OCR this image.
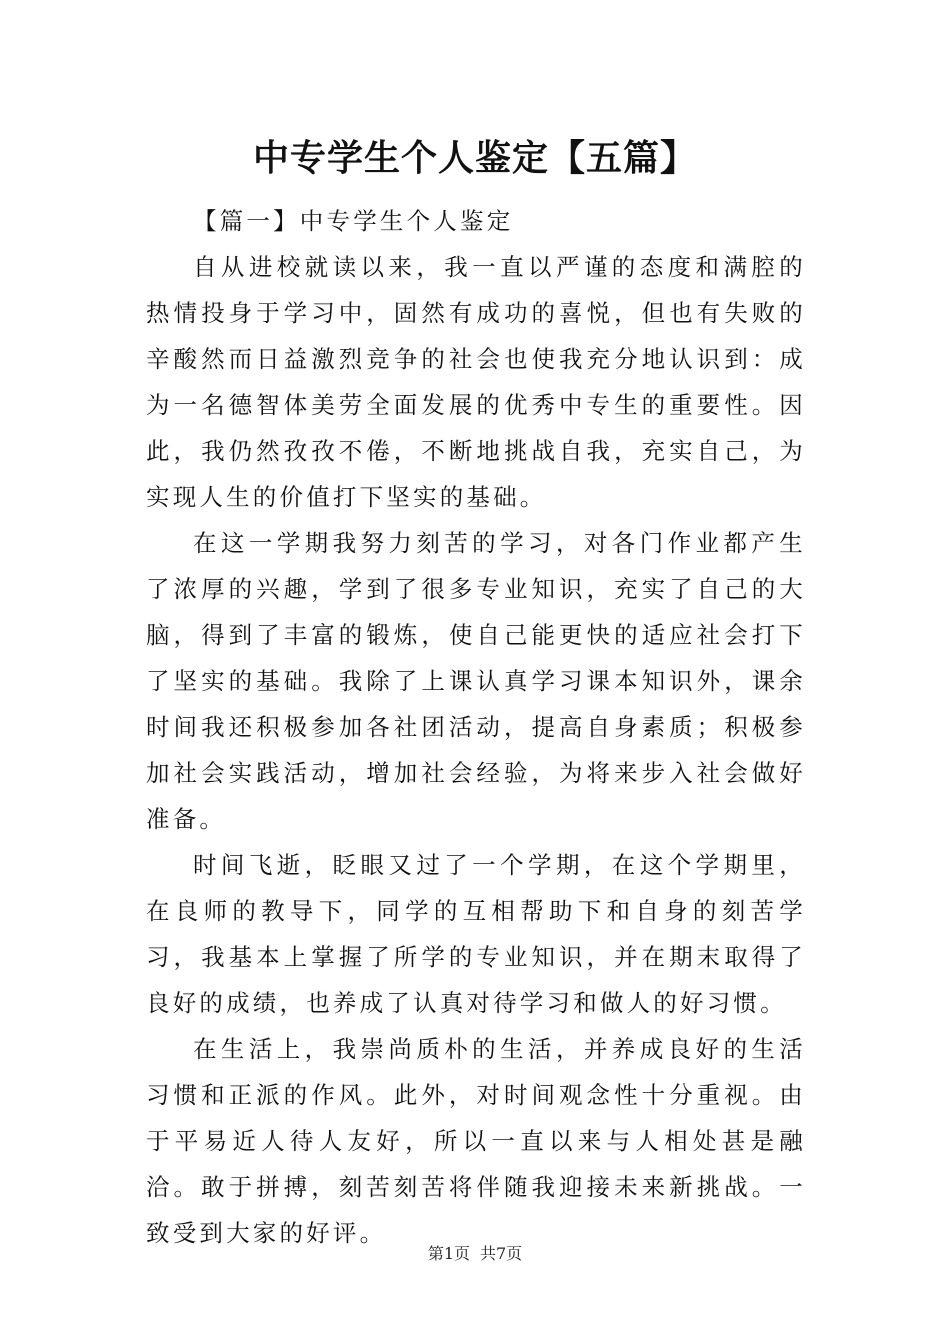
中专学生个人鉴定【五篇】

【篇一】中专学生个人鉴定

自从进校就读以来，我一直以严谨的态度和满腔的热情投身于学习中，固然有成功的喜悦，但也有失败的辛酸然而日益激烈竞争的社会也使我充分地认识到：成为一名德智体美劳全面发展的优秀中专生的重要性。因此，我仍然孜孜不倦，不断地挑战自我，充实自己，为实现人生的价值打下坚实的基础。

在这一学期我努力刻苦的学习，对各门作业都产生了浓厚的兴趣，学到了很多专业知识，充实了自己的大脑，得到了丰富的锻炼，使自己能更快的适应社会打下了坚实的基础。我除了上课认真学习课本知识外，课余时间我还积极参加各社团活动，提高自身素质；积极参加社会实践活动，增加社会经验，为将来步入社会做好准备。

时间飞逝，眨眼又过了一个学期，在这个学期里，在良师的教导下，同学的互相帮助下和自身的刻苦学习，我基本上掌握了所学的专业知识，并在期末取得了良好的成绩，也养成了认真对待学习和做人的好习惯。

在生活上，我崇尚质朴的生活，并养成良好的生活习惯和正派的作风。此外，对时间观念性十分重视。由于平易近人待人友好，所以一直以来与人相处甚是融洽。敢于拼搏，刻苦刻苦将伴随我迎接未来新挑战。一致受到大家的好评。

第1页 共7页
